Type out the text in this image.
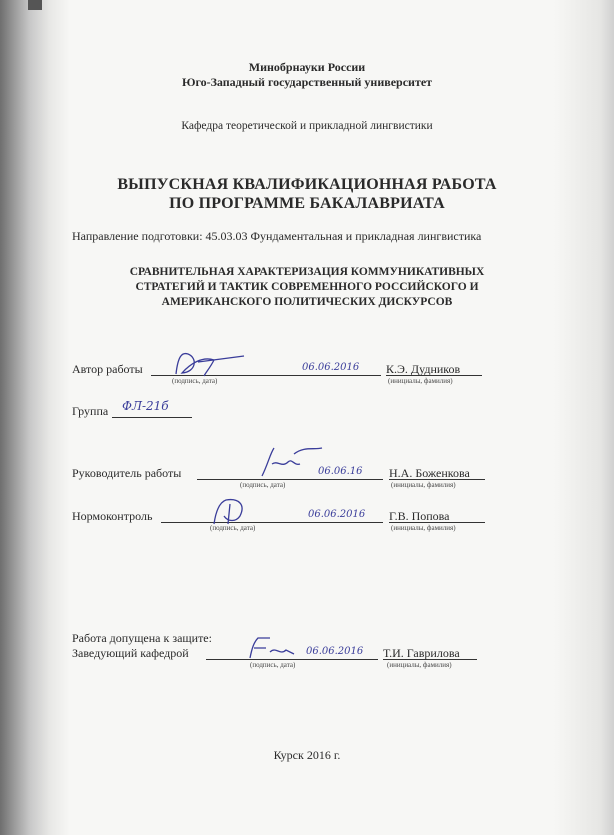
Минобрнауки России
Юго-Западный государственный университет
Кафедра теоретической и прикладной лингвистики
ВЫПУСКНАЯ КВАЛИФИКАЦИОННАЯ РАБОТА
ПО ПРОГРАММЕ БАКАЛАВРИАТА
Направление подготовки: 45.03.03 Фундаментальная и прикладная лингвистика
СРАВНИТЕЛЬНАЯ ХАРАКТЕРИЗАЦИЯ КОММУНИКАТИВНЫХ
СТРАТЕГИЙ И ТАКТИК СОВРЕМЕННОГО РОССИЙСКОГО И
АМЕРИКАНСКОГО ПОЛИТИЧЕСКИХ ДИСКУРСОВ
Автор работы	06.06.2016 К.Э. Дудников
(подпись, дата)	(инициалы, фамилия)
Группа ФЛ-21б
Руководитель работы	06.06.16 Н.А. Боженкова
(подпись, дата)	(инициалы, фамилия)
Нормоконтроль	06.06.2016 Г.В. Попова
(подпись, дата)	(инициалы, фамилия)
Работа допущена к защите:
Заведующий кафедрой	06.06.2016 Т.И. Гаврилова
(подпись, дата)	(инициалы, фамилия)
Курск 2016 г.
